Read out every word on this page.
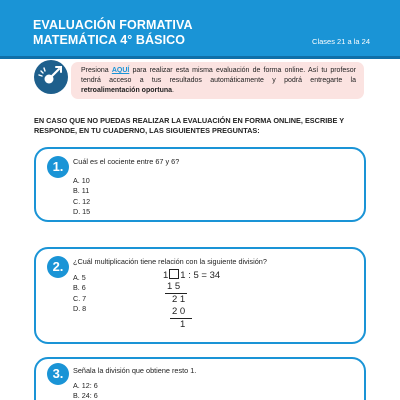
EVALUACIÓN FORMATIVA
MATEMÁTICA 4° BÁSICO	Clases 21 a la 24
Presiona AQUÍ para realizar esta misma evaluación de forma online. Así tu profesor tendrá acceso a tus resultados automáticamente y podrá entregarte la retroalimentación oportuna.
EN CASO QUE NO PUEDAS REALIZAR LA EVALUACIÓN EN FORMA ONLINE, ESCRIBE Y RESPONDE, EN TU CUADERNO, LAS SIGUIENTES PREGUNTAS:
1.	Cuál es el cociente entre 67 y 6?
A. 10
B. 11
C. 12
D. 15
2.	¿Cuál multiplicación tiene relación con la siguiente división?
A. 5
B. 6
C. 7
D. 8
1 1 : 5 = 34
1 5
2 1
2 0
1
3.	Señala la división que obtiene resto 1.
A. 12: 6
B. 24: 6
